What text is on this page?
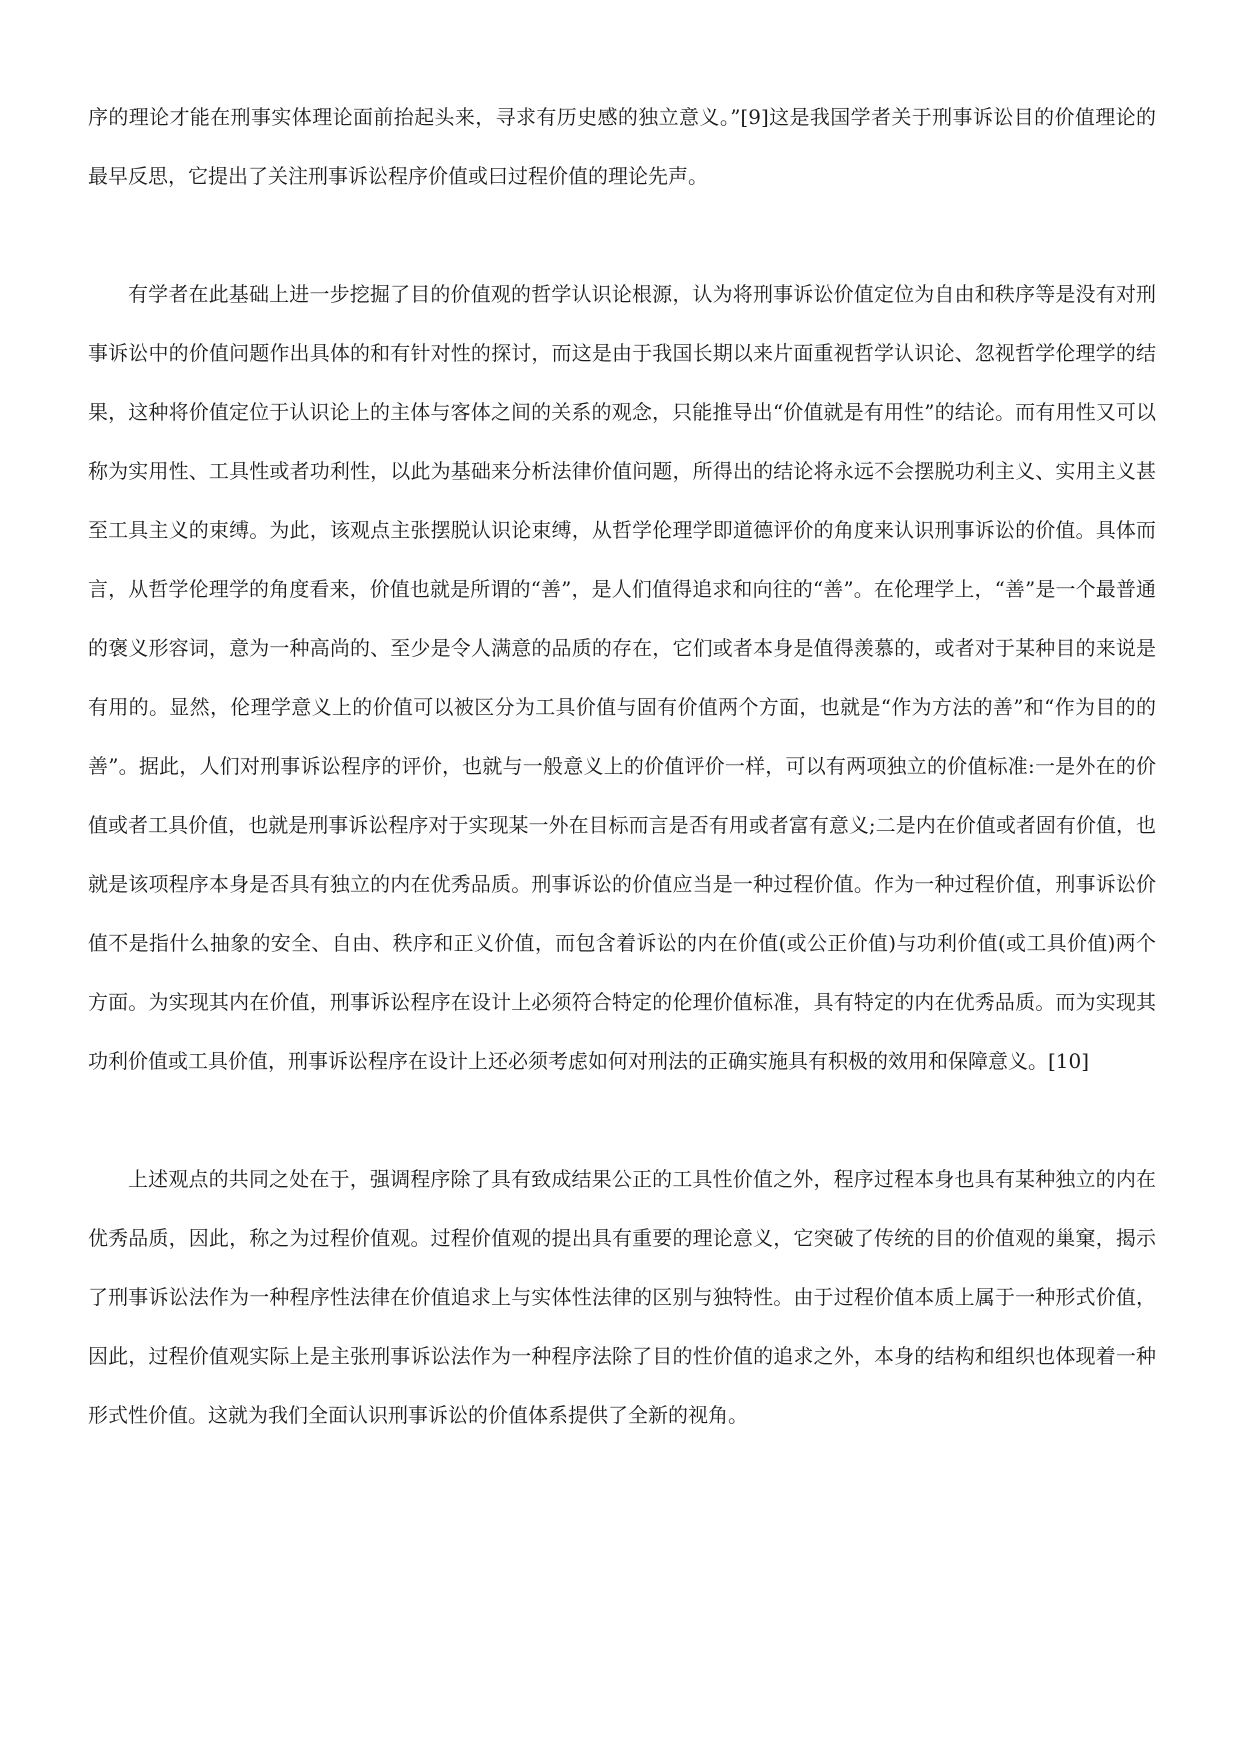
序的理论才能在刑事实体理论面前抬起头来，寻求有历史感的独立意义。”[9]这是我国学者关于刑事诉讼目的价值理论的最早反思，它提出了关注刑事诉讼程序价值或曰过程价值的理论先声。

有学者在此基础上进一步挖掘了目的价值观的哲学认识论根源，认为将刑事诉讼价值定位为自由和秩序等是没有对刑事诉讼中的价值问题作出具体的和有针对性的探讨，而这是由于我国长期以来片面重视哲学认识论、忽视哲学伦理学的结果，这种将价值定位于认识论上的主体与客体之间的关系的观念，只能推导出“价值就是有用性”的结论。而有用性又可以称为实用性、工具性或者功利性，以此为基础来分析法律价值问题，所得出的结论将永远不会摆脱功利主义、实用主义甚至工具主义的束缚。为此，该观点主张摆脱认识论束缚，从哲学伦理学即道德评价的角度来认识刑事诉讼的价值。具体而言，从哲学伦理学的角度看来，价值也就是所谓的“善”，是人们值得追求和向往的“善”。在伦理学上，“善”是一个最普通的褒义形容词，意为一种高尚的、至少是令人满意的品质的存在，它们或者本身是值得羡慕的，或者对于某种目的来说是有用的。显然，伦理学意义上的价值可以被区分为工具价值与固有价值两个方面，也就是“作为方法的善”和“作为目的的善”。据此，人们对刑事诉讼程序的评价，也就与一般意义上的价值评价一样，可以有两项独立的价值标准:一是外在的价值或者工具价值，也就是刑事诉讼程序对于实现某一外在目标而言是否有用或者富有意义;二是内在价值或者固有价值，也就是该项程序本身是否具有独立的内在优秀品质。刑事诉讼的价值应当是一种过程价值。作为一种过程价值，刑事诉讼价值不是指什么抽象的安全、自由、秩序和正义价值，而包含着诉讼的内在价值(或公正价值)与功利价值(或工具价值)两个方面。为实现其内在价值，刑事诉讼程序在设计上必须符合特定的伦理价值标准，具有特定的内在优秀品质。而为实现其功利价值或工具价值，刑事诉讼程序在设计上还必须考虑如何对刑法的正确实施具有积极的效用和保障意义。[10]

上述观点的共同之处在于，强调程序除了具有致成结果公正的工具性价值之外，程序过程本身也具有某种独立的内在优秀品质，因此，称之为过程价值观。过程价值观的提出具有重要的理论意义，它突破了传统的目的价值观的巢窠，揭示了刑事诉讼法作为一种程序性法律在价值追求上与实体性法律的区别与独特性。由于过程价值本质上属于一种形式价值，因此，过程价值观实际上是主张刑事诉讼法作为一种程序法除了目的性价值的追求之外，本身的结构和组织也体现着一种形式性价值。这就为我们全面认识刑事诉讼的价值体系提供了全新的视角。
